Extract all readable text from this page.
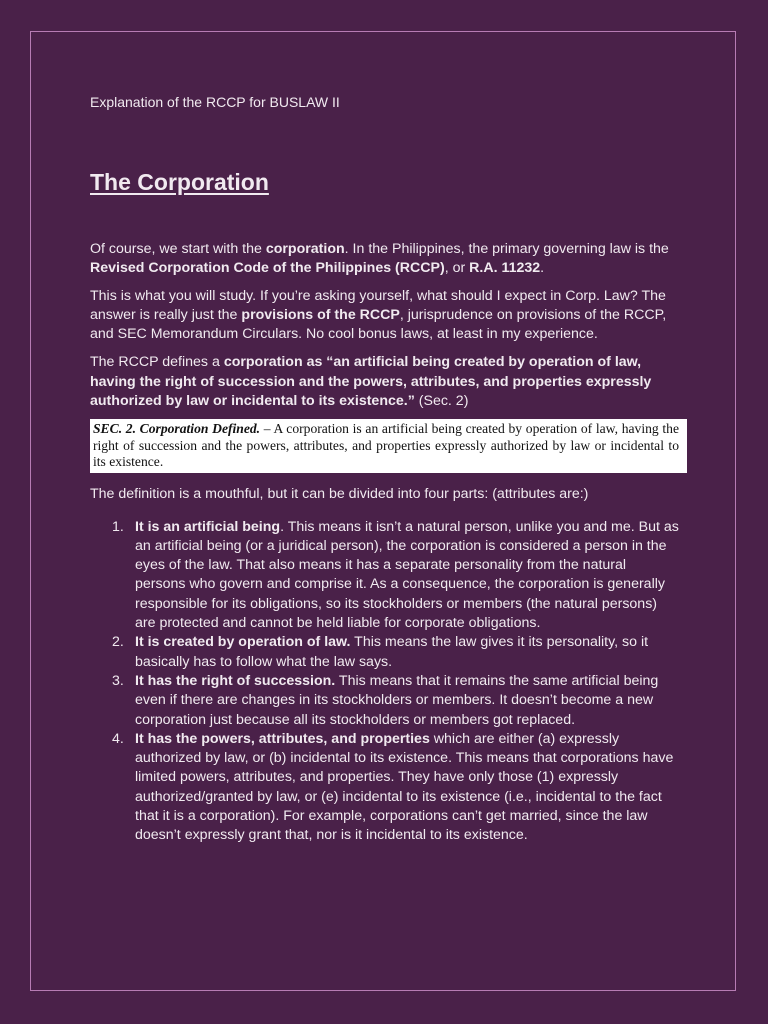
Explanation of the RCCP for BUSLAW II

The Corporation

Of course, we start with the corporation. In the Philippines, the primary governing law is the Revised Corporation Code of the Philippines (RCCP), or R.A. 11232.

This is what you will study. If you’re asking yourself, what should I expect in Corp. Law? The answer is really just the provisions of the RCCP, jurisprudence on provisions of the RCCP, and SEC Memorandum Circulars. No cool bonus laws, at least in my experience.

The RCCP defines a corporation as “an artificial being created by operation of law, having the right of succession and the powers, attributes, and properties expressly authorized by law or incidental to its existence.” (Sec. 2)

SEC. 2. Corporation Defined. – A corporation is an artificial being created by operation of law, having the right of succession and the powers, attributes, and properties expressly authorized by law or incidental to its existence.

The definition is a mouthful, but it can be divided into four parts: (attributes are:)

1. It is an artificial being. This means it isn’t a natural person, unlike you and me. But as an artificial being (or a juridical person), the corporation is considered a person in the eyes of the law. That also means it has a separate personality from the natural persons who govern and comprise it. As a consequence, the corporation is generally responsible for its obligations, so its stockholders or members (the natural persons) are protected and cannot be held liable for corporate obligations.
2. It is created by operation of law. This means the law gives it its personality, so it basically has to follow what the law says.
3. It has the right of succession. This means that it remains the same artificial being even if there are changes in its stockholders or members. It doesn’t become a new corporation just because all its stockholders or members got replaced.
4. It has the powers, attributes, and properties which are either (a) expressly authorized by law, or (b) incidental to its existence. This means that corporations have limited powers, attributes, and properties. They have only those (1) expressly authorized/granted by law, or (e) incidental to its existence (i.e., incidental to the fact that it is a corporation). For example, corporations can’t get married, since the law doesn’t expressly grant that, nor is it incidental to its existence.
